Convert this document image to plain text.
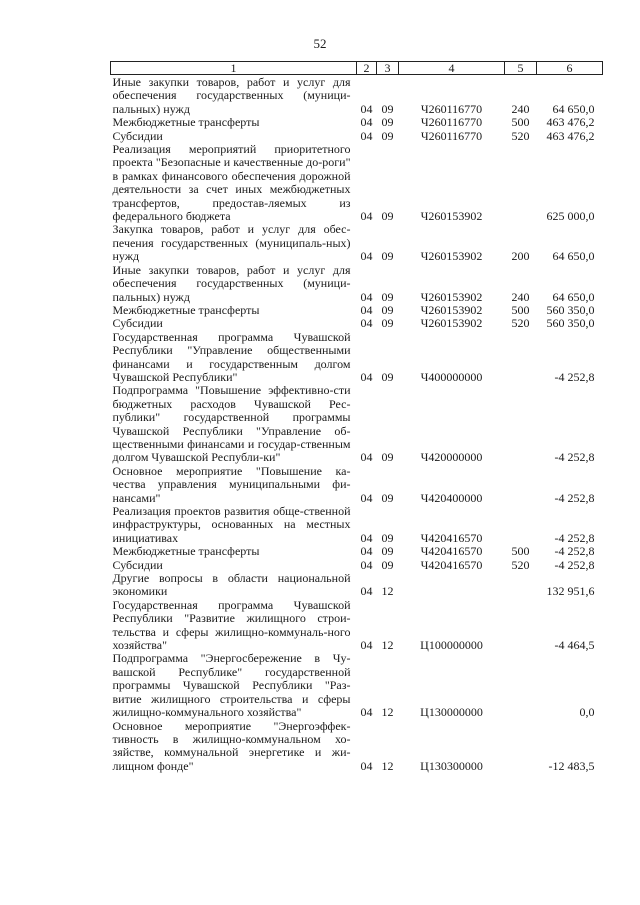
52
1	2	3	4	5	6
Иные закупки товаров, работ и услуг для обеспечения государственных (муници-пальных) нужд	04	09	Ч260116770	240	64 650,0
Межбюджетные трансферты	04	09	Ч260116770	500	463 476,2
Субсидии	04	09	Ч260116770	520	463 476,2
Реализация мероприятий приоритетного проекта "Безопасные и качественные до-роги" в рамках финансового обеспечения дорожной деятельности за счет иных межбюджетных трансфертов, предостав-ляемых из федерального бюджета	04	09	Ч260153902		625 000,0
Закупка товаров, работ и услуг для обес-печения государственных (муниципаль-ных) нужд	04	09	Ч260153902	200	64 650,0
Иные закупки товаров, работ и услуг для обеспечения государственных (муници-пальных) нужд	04	09	Ч260153902	240	64 650,0
Межбюджетные трансферты	04	09	Ч260153902	500	560 350,0
Субсидии	04	09	Ч260153902	520	560 350,0
Государственная программа Чувашской Республики "Управление общественными финансами и государственным долгом Чувашской Республики"	04	09	Ч400000000		-4 252,8
Подпрограмма "Повышение эффективно-сти бюджетных расходов Чувашской Рес-публики" государственной программы Чувашской Республики "Управление об-щественными финансами и государ-ственным долгом Чувашской Республи-ки"	04	09	Ч420000000		-4 252,8
Основное мероприятие "Повышение ка-чества управления муниципальными фи-нансами"	04	09	Ч420400000		-4 252,8
Реализация проектов развития обще-ственной инфраструктуры, основанных на местных инициативах	04	09	Ч420416570		-4 252,8
Межбюджетные трансферты	04	09	Ч420416570	500	-4 252,8
Субсидии	04	09	Ч420416570	520	-4 252,8
Другие вопросы в области национальной экономики	04	12			132 951,6
Государственная программа Чувашской Республики "Развитие жилищного строи-тельства и сферы жилищно-коммуналь-ного хозяйства"	04	12	Ц100000000		-4 464,5
Подпрограмма "Энергосбережение в Чу-вашской Республике" государственной программы Чувашской Республики "Раз-витие жилищного строительства и сферы жилищно-коммунального хозяйства"	04	12	Ц130000000		0,0
Основное мероприятие "Энергоэффек-тивность в жилищно-коммунальном хо-зяйстве, коммунальной энергетике и жи-лищном фонде"	04	12	Ц130300000		-12 483,5
